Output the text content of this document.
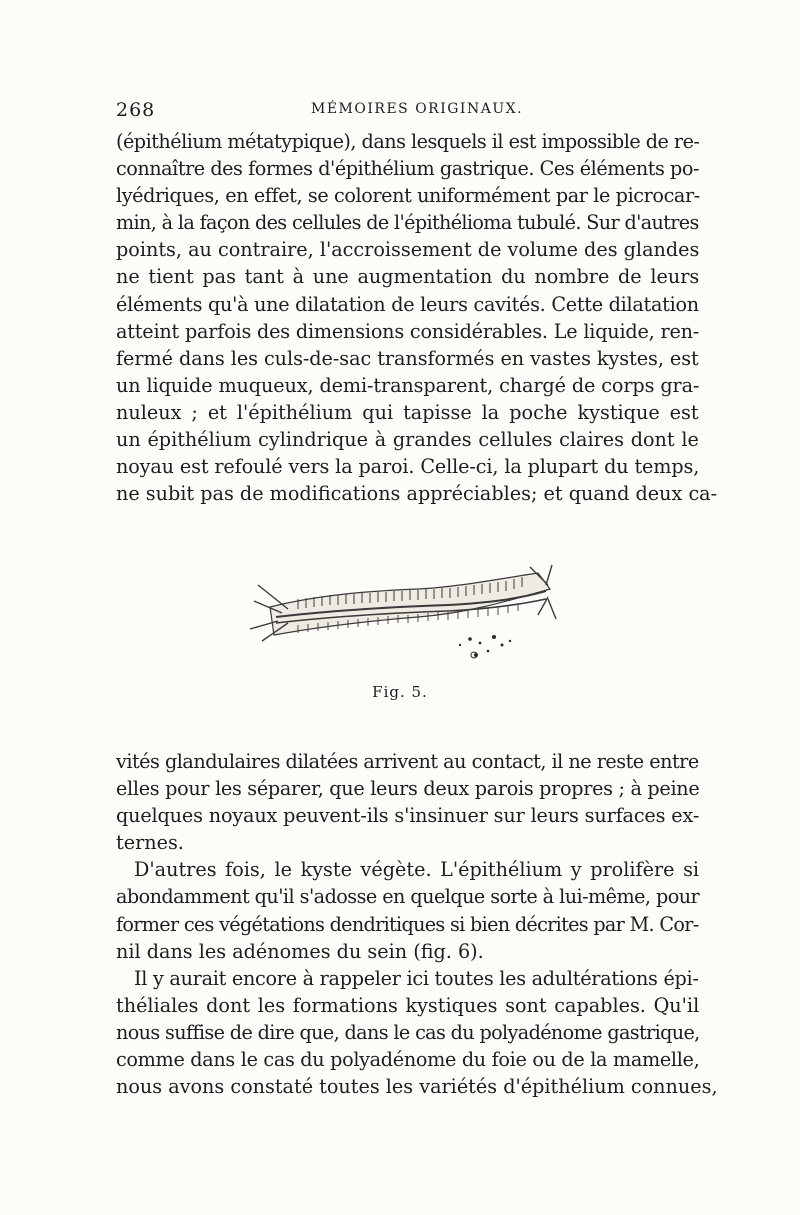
268	MÉMOIRES ORIGINAUX.

(épithélium métatypique), dans lesquels il est impossible de re-
connaître des formes d'épithélium gastrique. Ces éléments po-
lyédriques, en effet, se colorent uniformément par le picrocar-
min, à la façon des cellules de l'épithélioma tubulé. Sur d'autres
points, au contraire, l'accroissement de volume des glandes
ne tient pas tant à une augmentation du nombre de leurs
éléments qu'à une dilatation de leurs cavités. Cette dilatation
atteint parfois des dimensions considérables. Le liquide, ren-
fermé dans les culs-de-sac transformés en vastes kystes, est
un liquide muqueux, demi-transparent, chargé de corps gra-
nuleux ; et l'épithélium qui tapisse la poche kystique est
un épithélium cylindrique à grandes cellules claires dont le
noyau est refoulé vers la paroi. Celle-ci, la plupart du temps,
ne subit pas de modifications appréciables; et quand deux ca-

Fig. 5.

vités glandulaires dilatées arrivent au contact, il ne reste entre
elles pour les séparer, que leurs deux parois propres ; à peine
quelques noyaux peuvent-ils s'insinuer sur leurs surfaces ex-
ternes.
D'autres fois, le kyste végète. L'épithélium y prolifère si
abondamment qu'il s'adosse en quelque sorte à lui-même, pour
former ces végétations dendritiques si bien décrites par M. Cor-
nil dans les adénomes du sein (fig. 6).
Il y aurait encore à rappeler ici toutes les adultérations épi-
théliales dont les formations kystiques sont capables. Qu'il
nous suffise de dire que, dans le cas du polyadénome gastrique,
comme dans le cas du polyadénome du foie ou de la mamelle,
nous avons constaté toutes les variétés d'épithélium connues,
